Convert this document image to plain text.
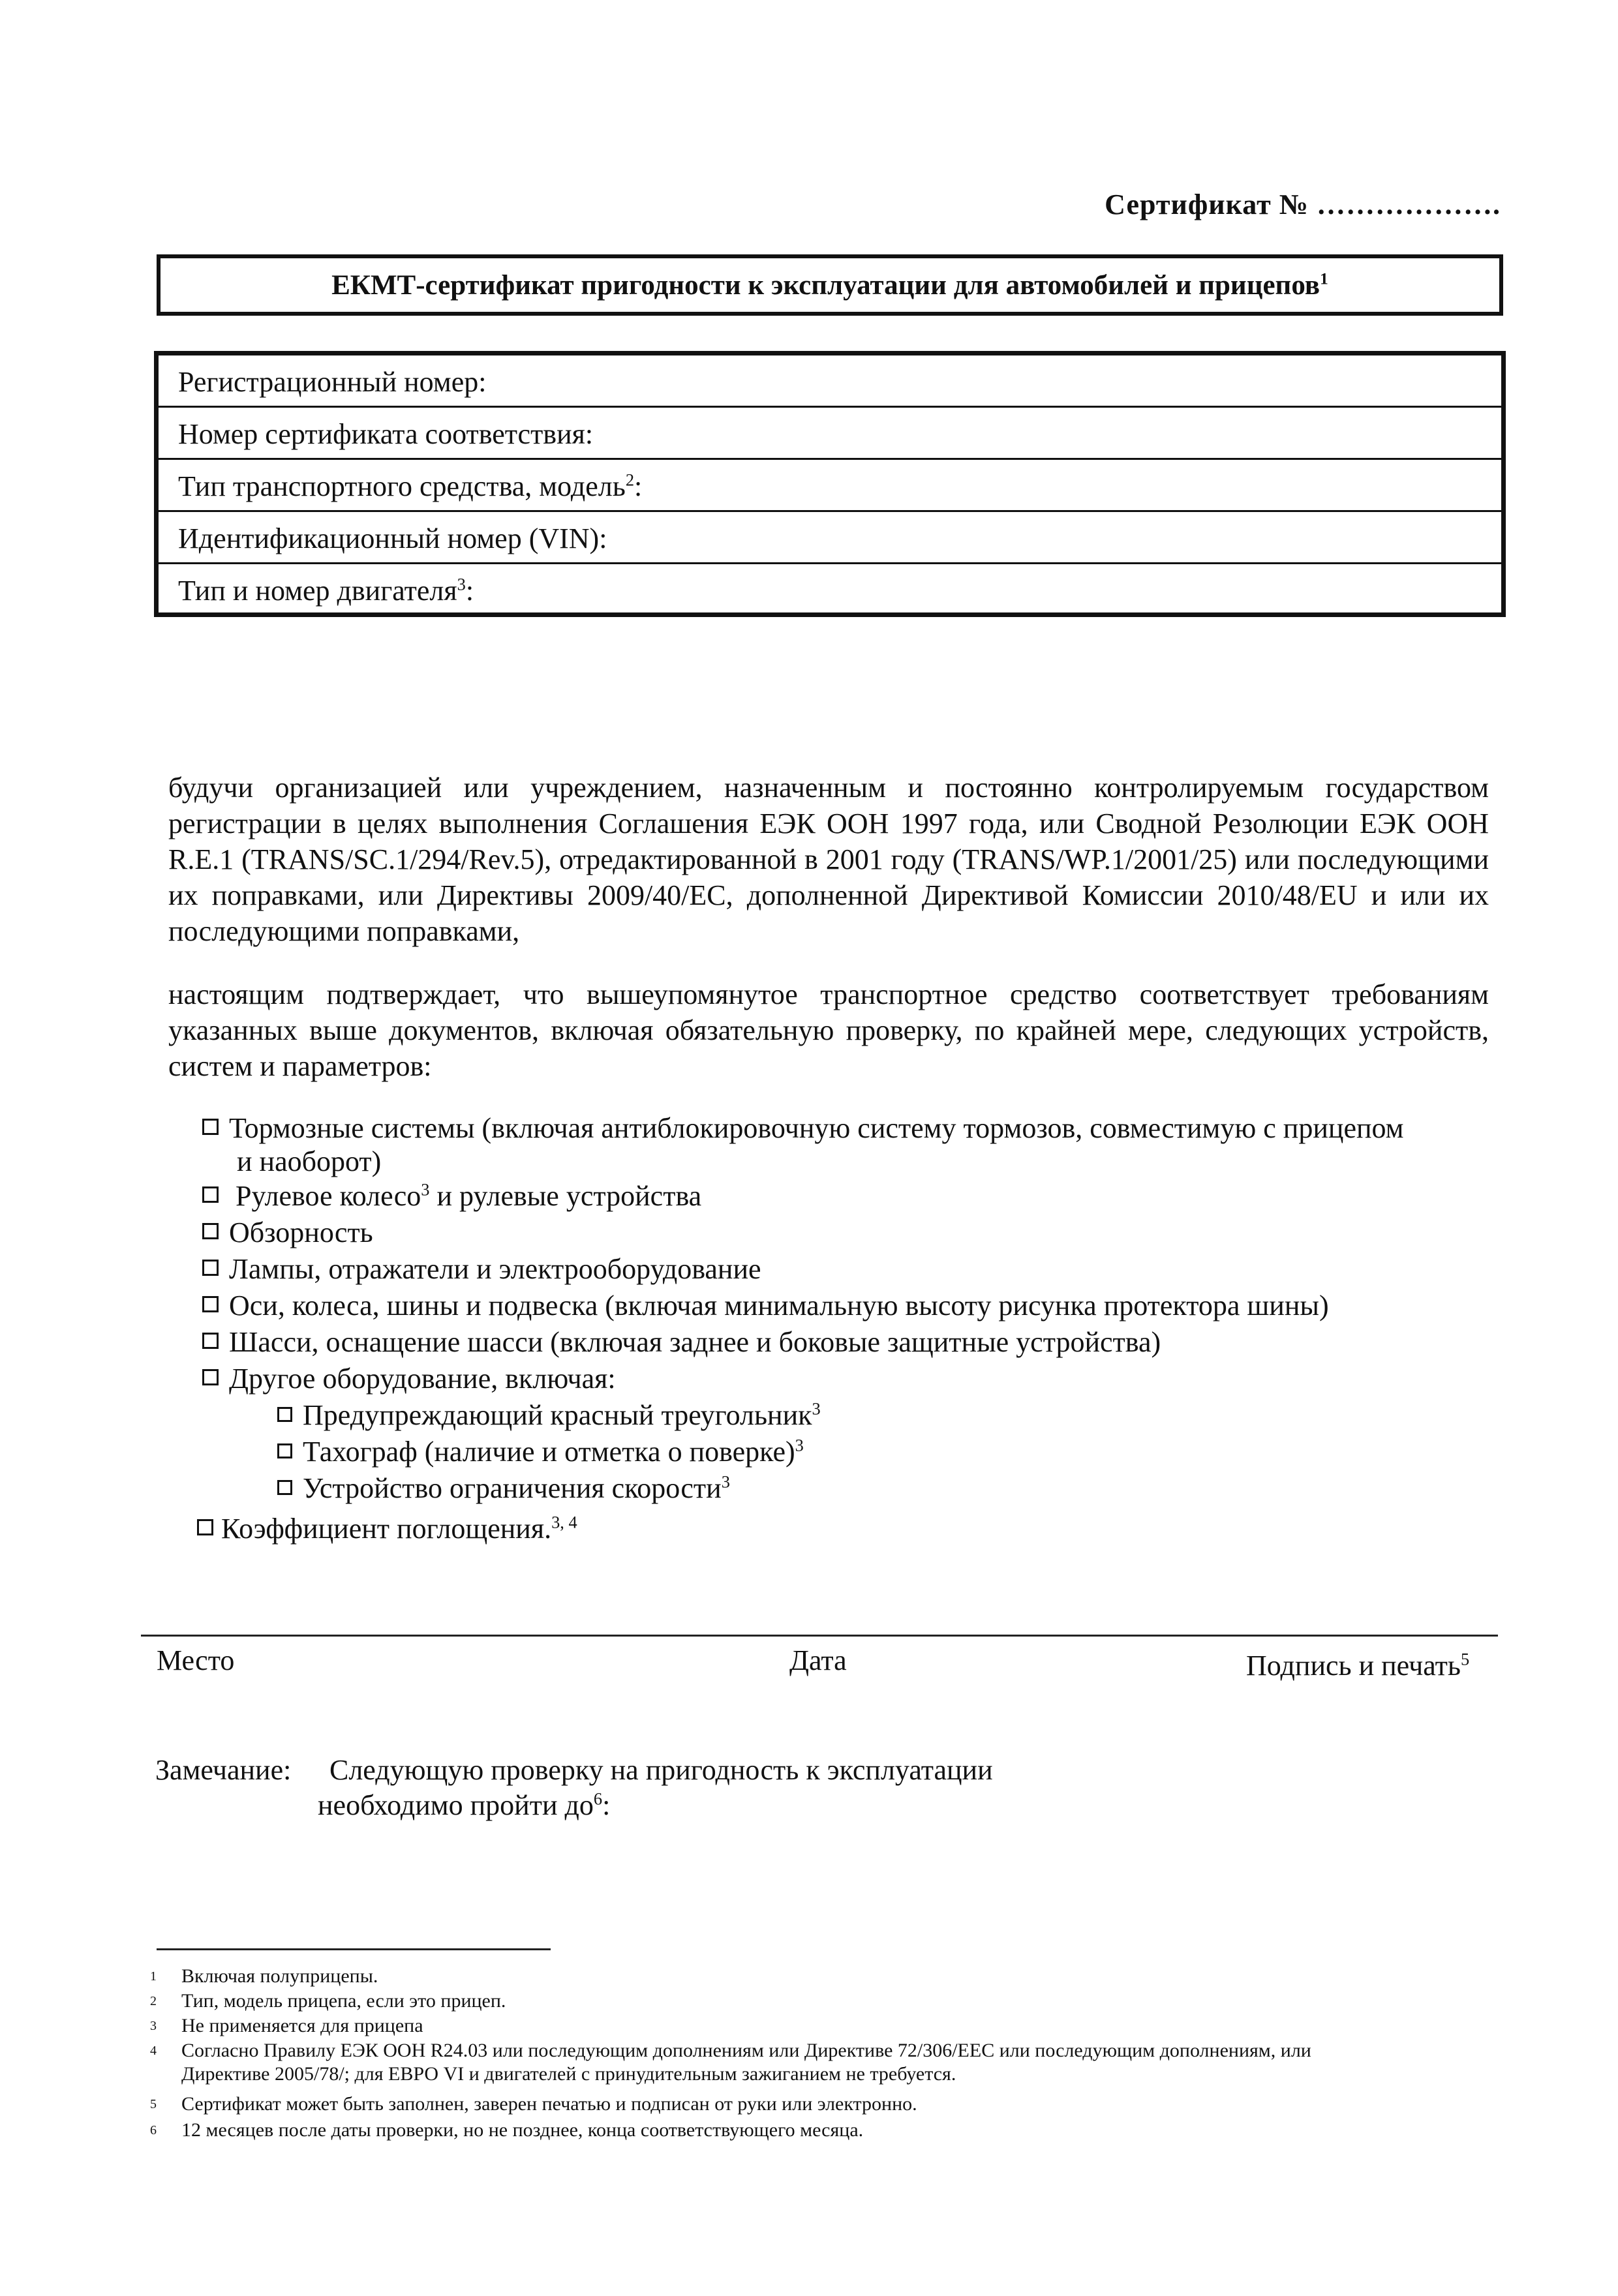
Сертификат № ……………….
ЕКМТ-сертификат пригодности к эксплуатации для автомобилей и прицепов$^1$
Регистрационный номер:
Номер сертификата соответствия:
Тип транспортного средства, модель$^2$:
Идентификационный номер (VIN):
Тип и номер двигателя$^3$:
будучи организацией или учреждением, назначенным и постоянно контролируемым государством регистрации в целях выполнения Соглашения ЕЭК ООН 1997 года, или Сводной Резолюции ЕЭК ООН R.E.1 (TRANS/SC.1/294/Rev.5), отредактированной в 2001 году (TRANS/WP.1/2001/25) или последующими их поправками, или Директивы 2009/40/EC, дополненной Директивой Комиссии 2010/48/EU и или их последующими поправками,
настоящим подтверждает, что вышеупомянутое транспортное средство соответствует требованиям указанных выше документов, включая обязательную проверку, по крайней мере, следующих устройств, систем и параметров:
Тормозные системы (включая антиблокировочную систему тормозов, совместимую с прицепом
и наоборот)
Рулевое колесо$^3$ и рулевые устройства
Обзорность
Лампы, отражатели и электрооборудование
Оси, колеса, шины и подвеска (включая минимальную высоту рисунка протектора шины)
Шасси, оснащение шасси (включая заднее и боковые защитные устройства)
Другое оборудование, включая:
Предупреждающий красный треугольник$^3$
Тахограф (наличие и отметка о поверке)$^3$
Устройство ограничения скорости$^3$
Коэффициент поглощения.$^{3, 4}$
Место	Дата	Подпись и печать$^5$
Замечание: Следующую проверку на пригодность к эксплуатации
необходимо пройти $до^6$:
1 Включая полуприцепы.
2 Тип, модель прицепа, если это прицеп.
3 Не применяется для прицепа
4 Согласно Правилу ЕЭК ООН R24.03 или последующим дополнениям или Директиве 72/306/EEC или последующим дополнениям, или
Директиве 2005/78/; для ЕВРО VI и двигателей с принудительным зажиганием не требуется.
5 Сертификат может быть заполнен, заверен печатью и подписан от руки или электронно.
6 12 месяцев после даты проверки, но не позднее, конца соответствующего месяца.
